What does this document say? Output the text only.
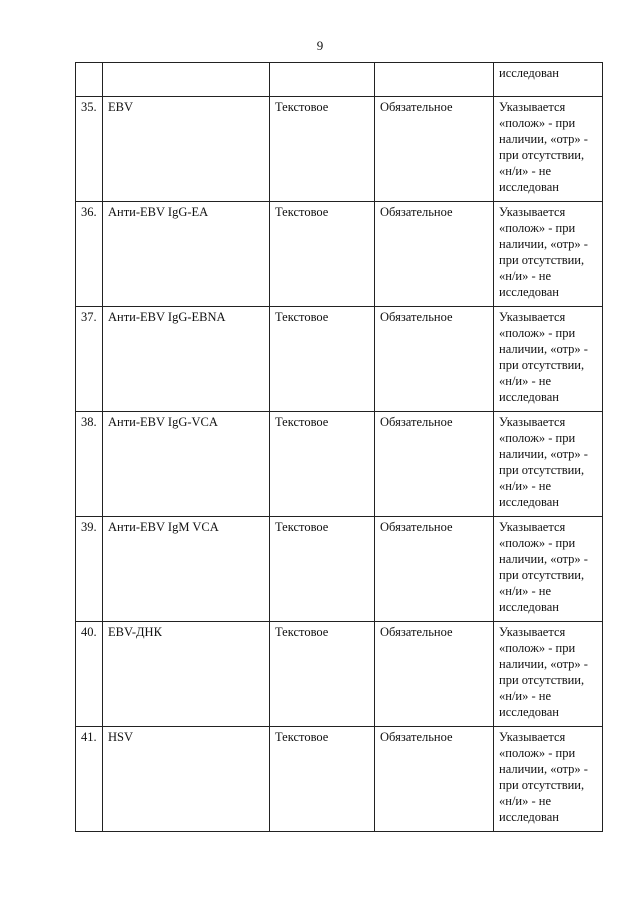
9
				исследован
35.	EBV	Текстовое	Обязательное	Указывается «полож» - при наличии, «отр» - при отсутствии, «н/и» - не исследован
36.	Анти-EBV IgG-EA	Текстовое	Обязательное	Указывается «полож» - при наличии, «отр» - при отсутствии, «н/и» - не исследован
37.	Анти-EBV IgG-EBNA	Текстовое	Обязательное	Указывается «полож» - при наличии, «отр» - при отсутствии, «н/и» - не исследован
38.	Анти-EBV IgG-VCA	Текстовое	Обязательное	Указывается «полож» - при наличии, «отр» - при отсутствии, «н/и» - не исследован
39.	Анти-EBV IgM VCA	Текстовое	Обязательное	Указывается «полож» - при наличии, «отр» - при отсутствии, «н/и» - не исследован
40.	EBV-ДНК	Текстовое	Обязательное	Указывается «полож» - при наличии, «отр» - при отсутствии, «н/и» - не исследован
41.	HSV	Текстовое	Обязательное	Указывается «полож» - при наличии, «отр» - при отсутствии, «н/и» - не исследован
